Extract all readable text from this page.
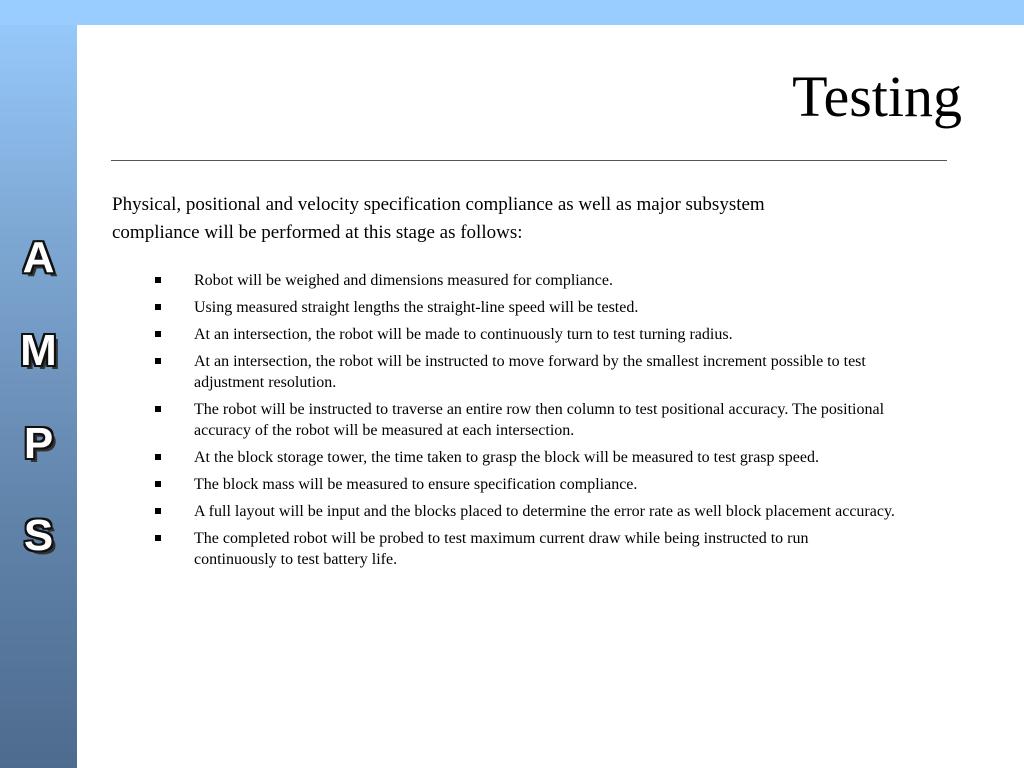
A
M
P
S
Testing

Physical, positional and velocity specification compliance as well as major subsystem compliance will be performed at this stage as follows:

Robot will be weighed and dimensions measured for compliance.
Using measured straight lengths the straight-line speed will be tested.
At an intersection, the robot will be made to continuously turn to test turning radius.
At an intersection, the robot will be instructed to move forward by the smallest increment possible to test adjustment resolution.
The robot will be instructed to traverse an entire row then column to test positional accuracy. The positional accuracy of the robot will be measured at each intersection.
At the block storage tower, the time taken to grasp the block will be measured to test grasp speed.
The block mass will be measured to ensure specification compliance.
A full layout will be input and the blocks placed to determine the error rate as well block placement accuracy.
The completed robot will be probed to test maximum current draw while being instructed to run continuously to test battery life.
